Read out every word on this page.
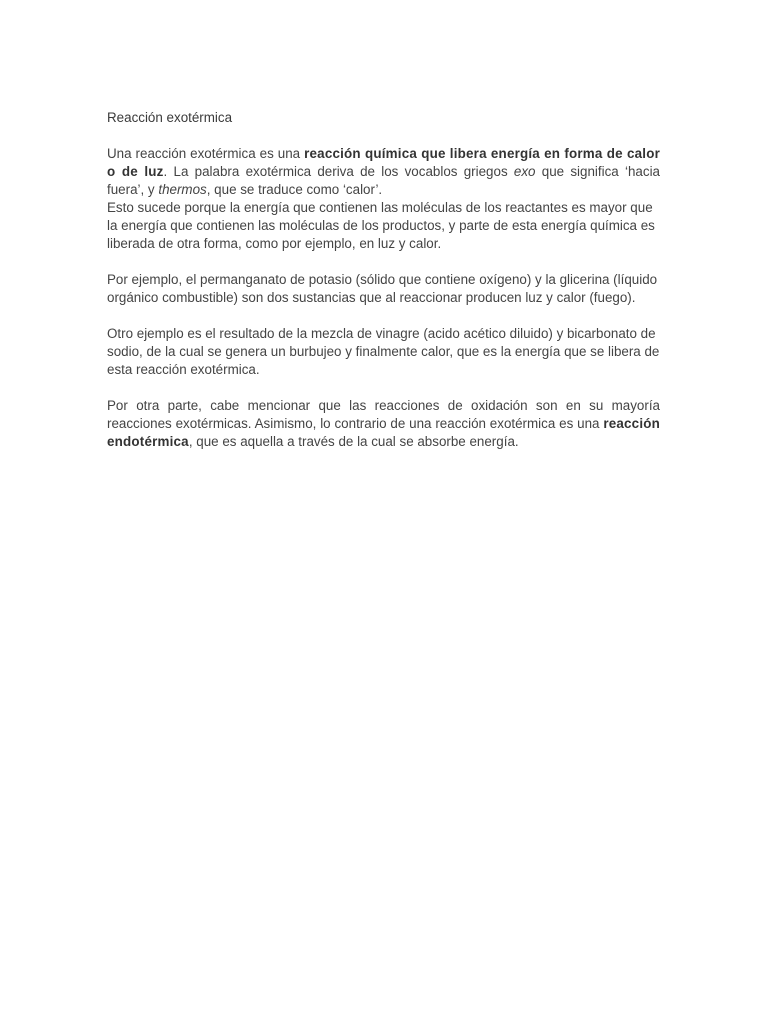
Reacción exotérmica

Una reacción exotérmica es una reacción química que libera energía en forma de calor o de luz. La palabra exotérmica deriva de los vocablos griegos exo que significa ‘hacia fuera’, y thermos, que se traduce como ‘calor’.

Esto sucede porque la energía que contienen las moléculas de los reactantes es mayor que la energía que contienen las moléculas de los productos, y parte de esta energía química es liberada de otra forma, como por ejemplo, en luz y calor.

Por ejemplo, el permanganato de potasio (sólido que contiene oxígeno) y la glicerina (líquido orgánico combustible) son dos sustancias que al reaccionar producen luz y calor (fuego).

Otro ejemplo es el resultado de la mezcla de vinagre (acido acético diluido) y bicarbonato de sodio, de la cual se genera un burbujeo y finalmente calor, que es la energía que se libera de esta reacción exotérmica.

Por otra parte, cabe mencionar que las reacciones de oxidación son en su mayoría reacciones exotérmicas. Asimismo, lo contrario de una reacción exotérmica es una reacción endotérmica, que es aquella a través de la cual se absorbe energía.
